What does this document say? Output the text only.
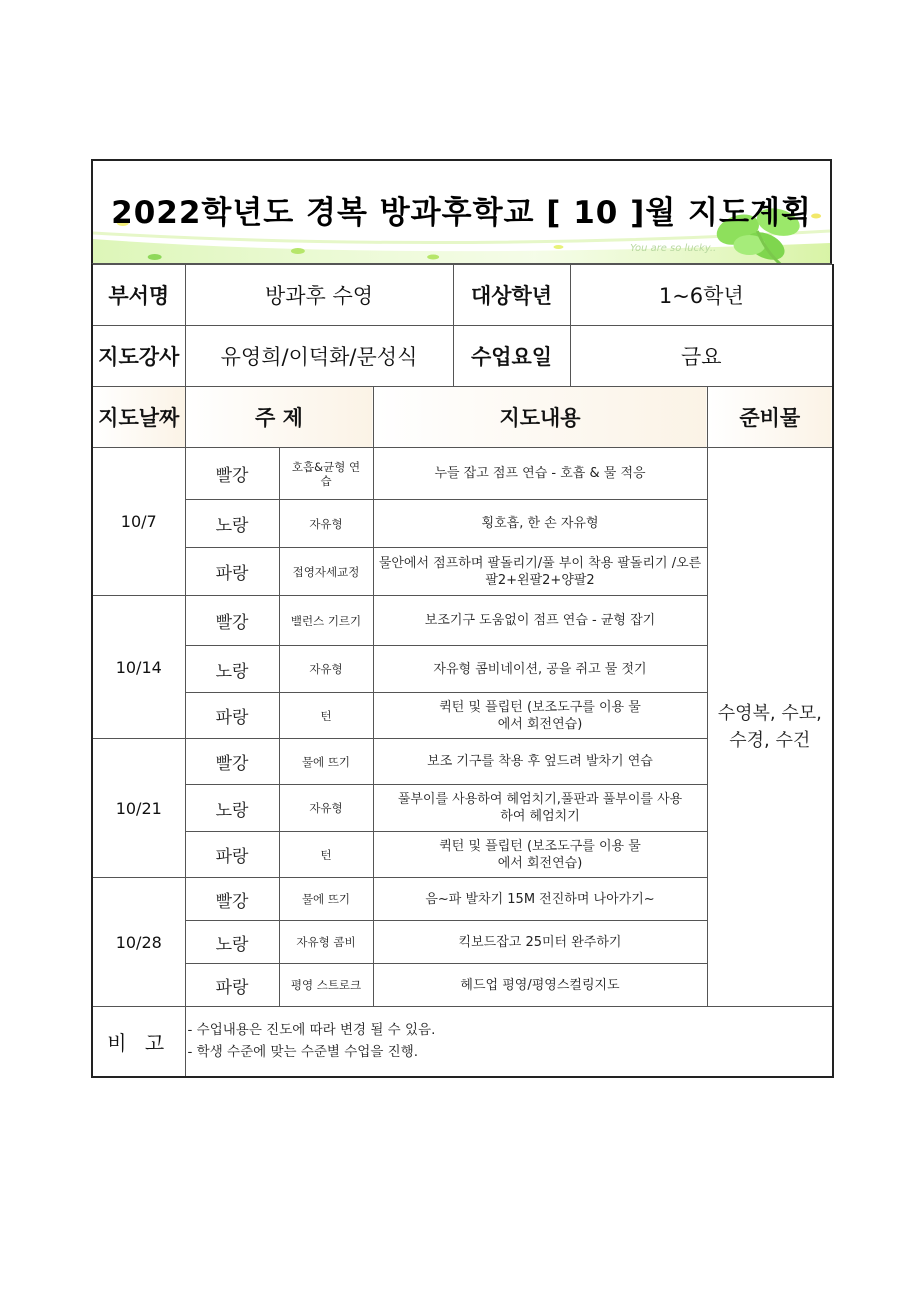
You are so lucky..
2022학년도 경복 방과후학교 [ 10 ]월 지도계획
부서명	방과후 수영			대상학년	1~6학년	
지도강사	유영희/이덕화/문성식			수업요일	금요	
지도날짜	주 제		지도내용			준비물
10/7	빨강	호흡&균형 연습	누들 잡고 점프 연습 - 호흡 & 물 적응			수영복, 수모,
수경, 수건

	노랑	자유형	횡호흡, 한 손 자유형			
	파랑	접영자세교정	물안에서 점프하며 팔돌리기/풀 부이 착용 팔돌리기 /오른팔2+왼팔2+양팔2			
10/14	빨강	밸런스 기르기	보조기구 도움없이 점프 연습 - 균형 잡기			
	노랑	자유형	자유형 콤비네이션, 공을 쥐고 물 젓기			
	파랑	턴	퀵턴 및 플립턴 (보조도구를 이용 물에서 회전연습)			
10/21	빨강	물에 뜨기	보조 기구를 착용 후 엎드려 발차기 연습			
	노랑	자유형	풀부이를 사용하여 헤엄치기,풀판과 풀부이를 사용하여 헤엄치기			
	파랑	턴	퀵턴 및 플립턴 (보조도구를 이용 물에서 회전연습)			
10/28	빨강	물에 뜨기	음~파 발차기 15M 전진하며 나아가기~			
	노랑	자유형 콤비	킥보드잡고 25미터 완주하기			
	파랑	평영 스트로크	헤드업 평영/평영스컬링지도			
비 고	- 수업내용은 진도에 따라 변경 될 수 있음.
- 학생 수준에 맞는 수준별 수업을 진행.					
